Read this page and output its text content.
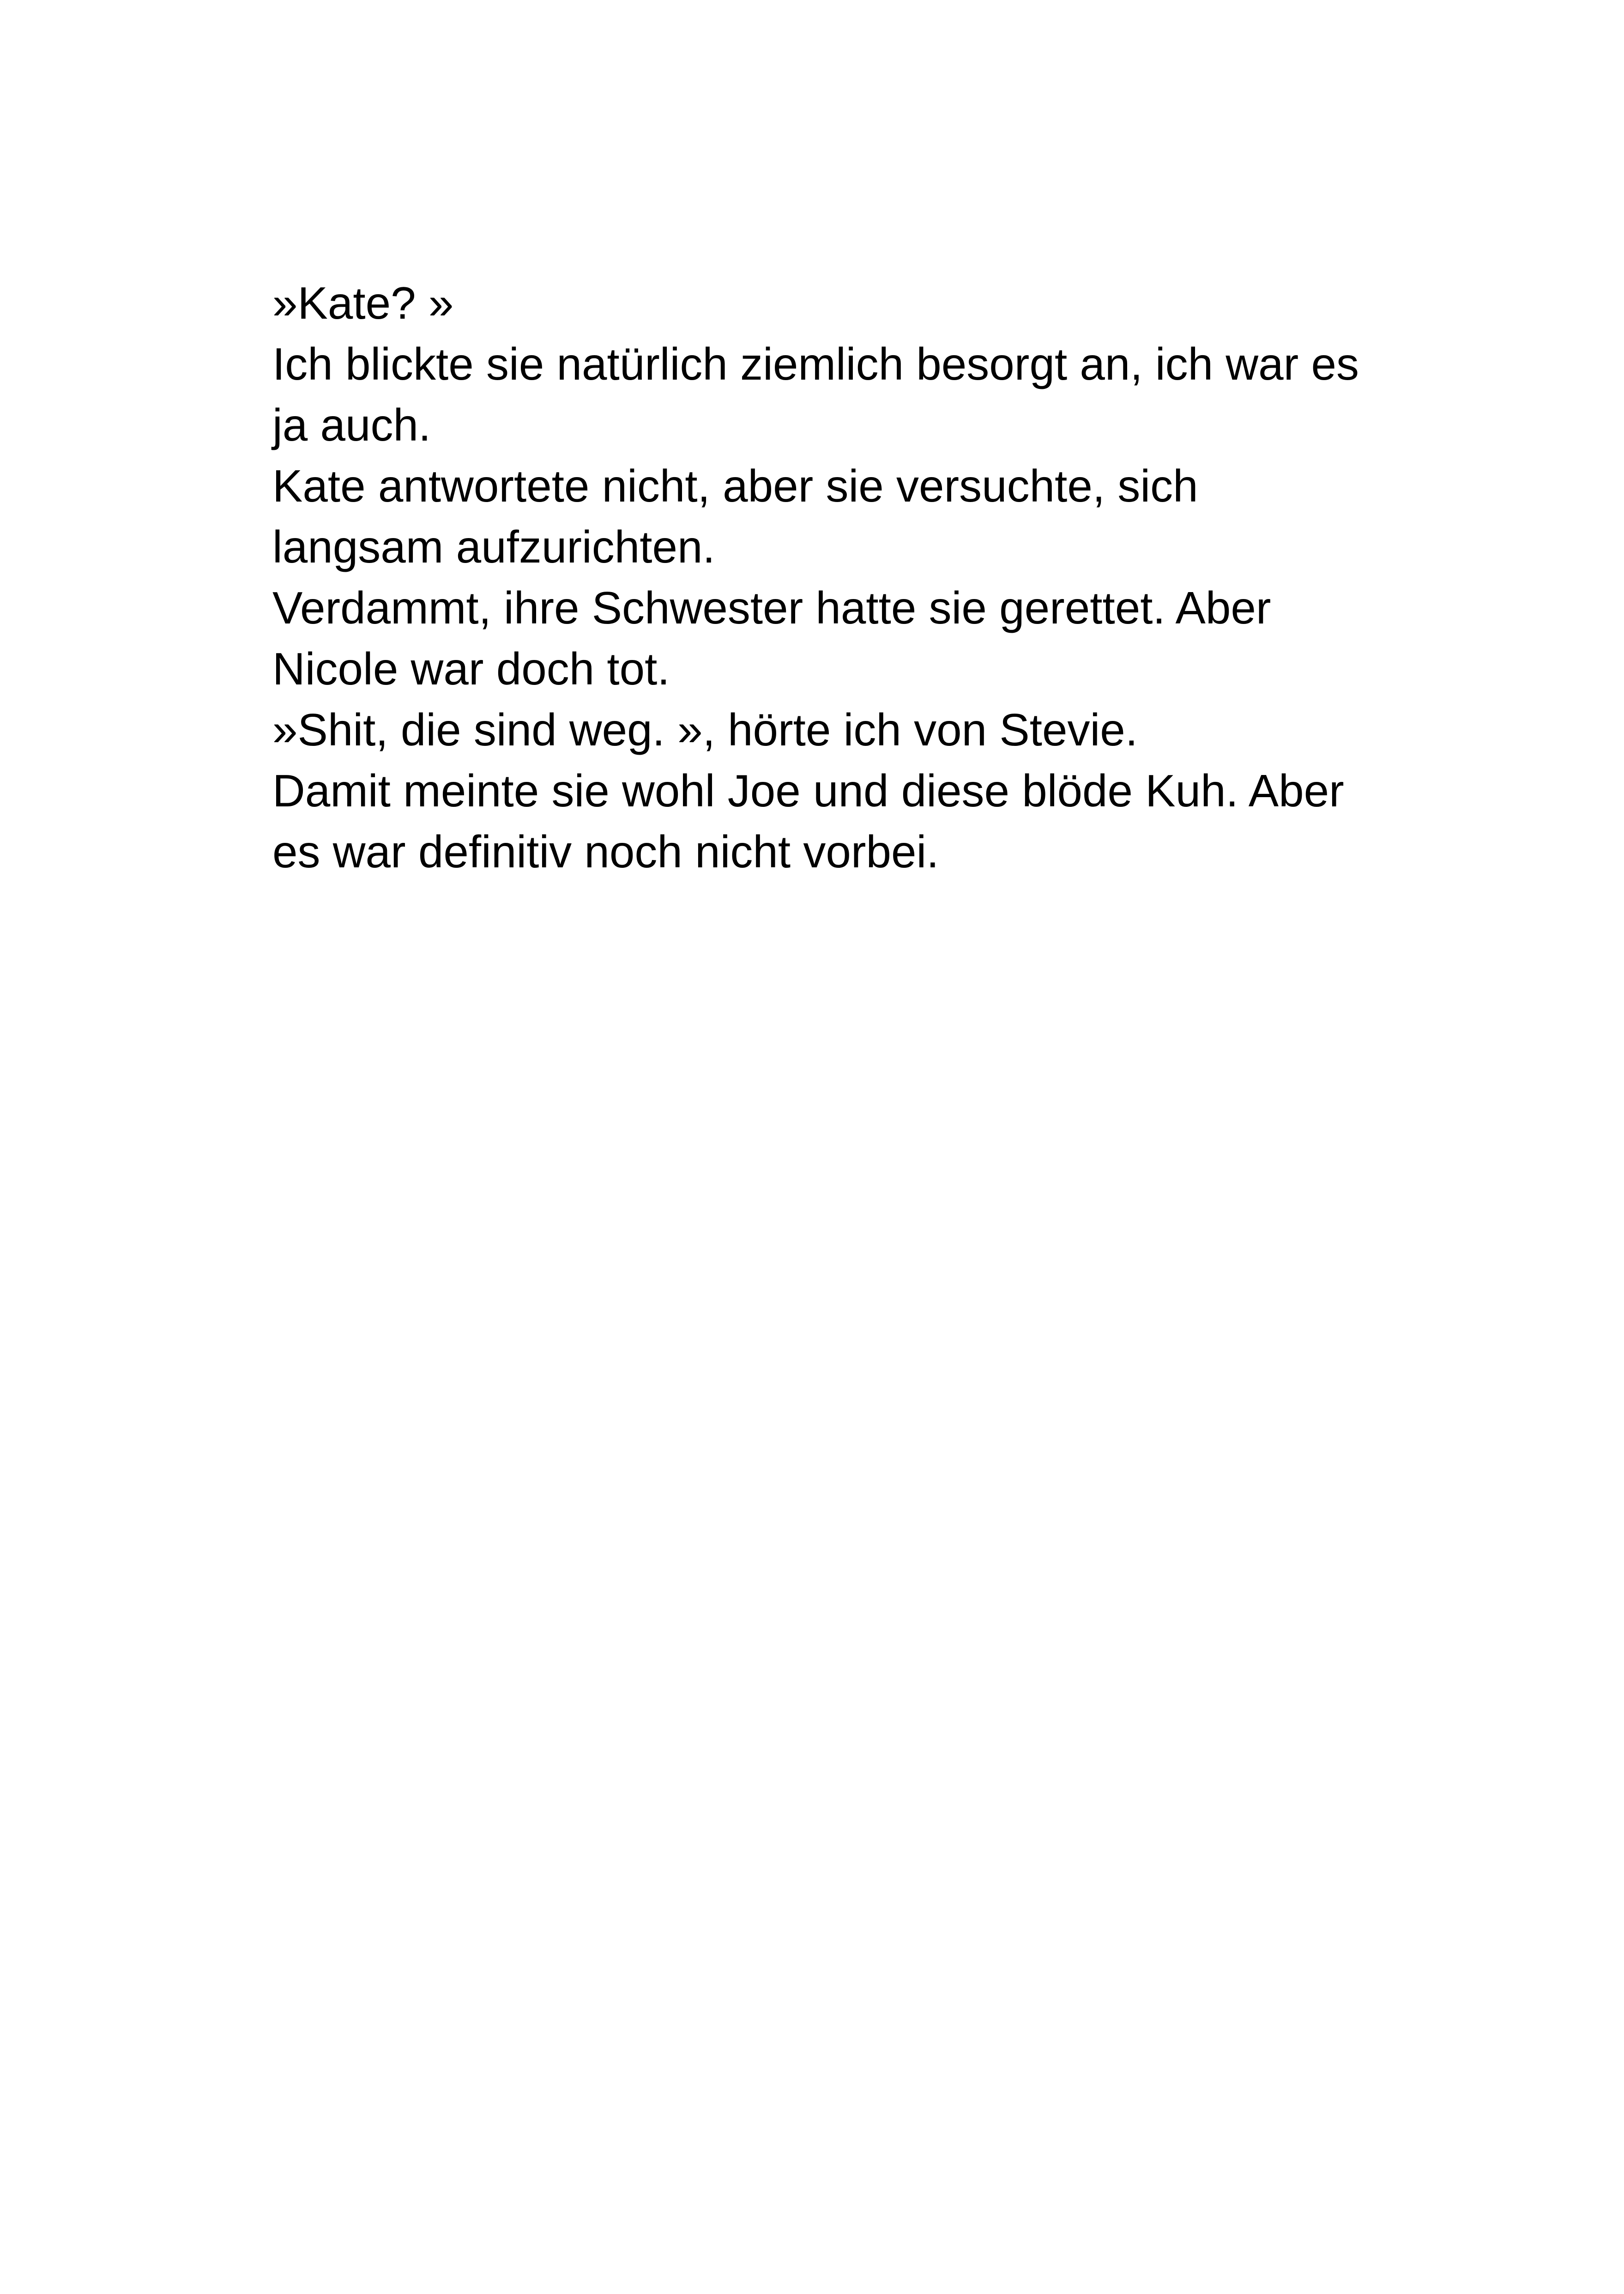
»Kate? »
Ich blickte sie natürlich ziemlich besorgt an, ich war es
ja auch.
Kate antwortete nicht, aber sie versuchte, sich
langsam aufzurichten.
Verdammt, ihre Schwester hatte sie gerettet. Aber
Nicole war doch tot.
»Shit, die sind weg. », hörte ich von Stevie.
Damit meinte sie wohl Joe und diese blöde Kuh. Aber
es war definitiv noch nicht vorbei.
